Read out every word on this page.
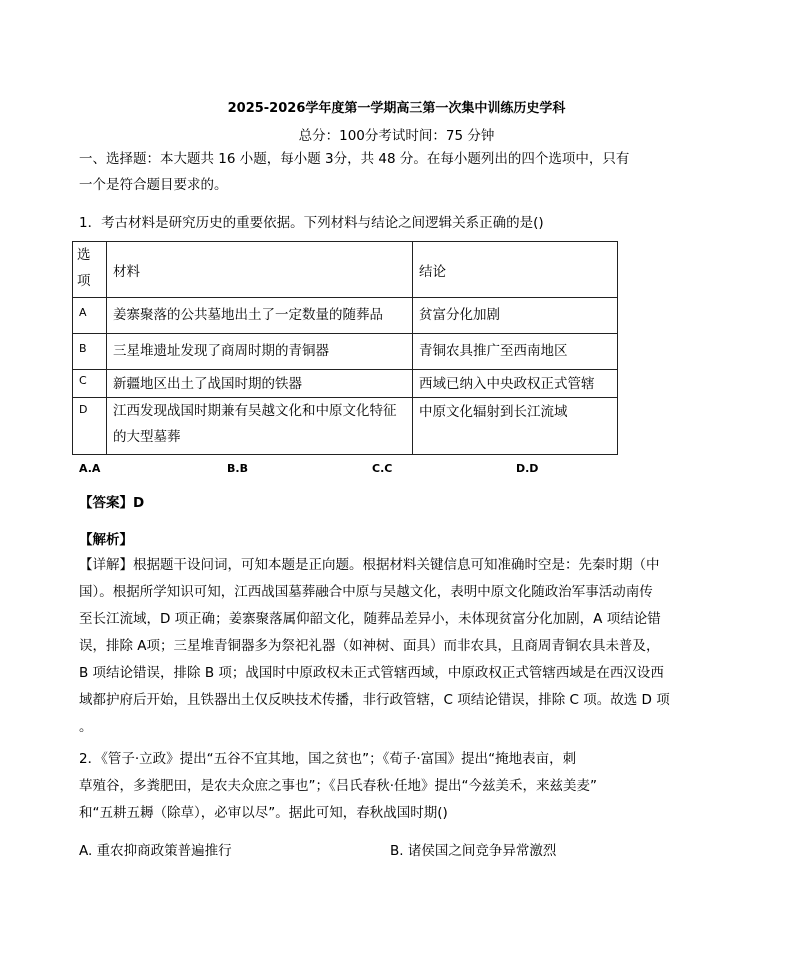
2025-2026学年度第一学期高三第一次集中训练历史学科
总分：100分考试时间：75 分钟
一、选择题：本大题共 16 小题，每小题 3分，共 48 分。在每小题列出的四个选项中，只有
一个是符合题目要求的。
1．考古材料是研究历史的重要依据。下列材料与结论之间逻辑关系正确的是()
选项	材料	结论
A	姜寨聚落的公共墓地出土了一定数量的随葬品	贫富分化加剧
B	三星堆遗址发现了商周时期的青铜器	青铜农具推广至西南地区
C	新疆地区出土了战国时期的铁器	西域已纳入中央政权正式管辖
D	江西发现战国时期兼有吴越文化和中原文化特征的大型墓葬	中原文化辐射到长江流域
A.A	B.B	C.C	D.D
【答案】D
【解析】

【详解】根据题干设问词，可知本题是正向题。根据材料关键信息可知准确时空是：先秦时期（中

国）。根据所学知识可知，江西战国墓葬融合中原与吴越文化，表明中原文化随政治军事活动南传

至长江流域，D 项正确；姜寨聚落属仰韶文化，随葬品差异小，未体现贫富分化加剧，A 项结论错

误，排除 A项；三星堆青铜器多为祭祀礼器（如神树、面具）而非农具，且商周青铜农具未普及，

B 项结论错误，排除 B 项；战国时中原政权未正式管辖西域，中原政权正式管辖西域是在西汉设西

域都护府后开始，且铁器出土仅反映技术传播，非行政管辖，C 项结论错误，排除 C 项。故选 D 项

。

2．《管子·立政》提出“五谷不宜其地，国之贫也”；《荀子·富国》提出“掩地表亩，刺

草殖谷，多粪肥田，是农夫众庶之事也”；《吕氏春秋·任地》提出“今兹美禾，来兹美麦”

和“五耕五耨（除草），必审以尽”。据此可知，春秋战国时期()

A. 重农抑商政策普遍推行	B. 诸侯国之间竞争异常激烈
